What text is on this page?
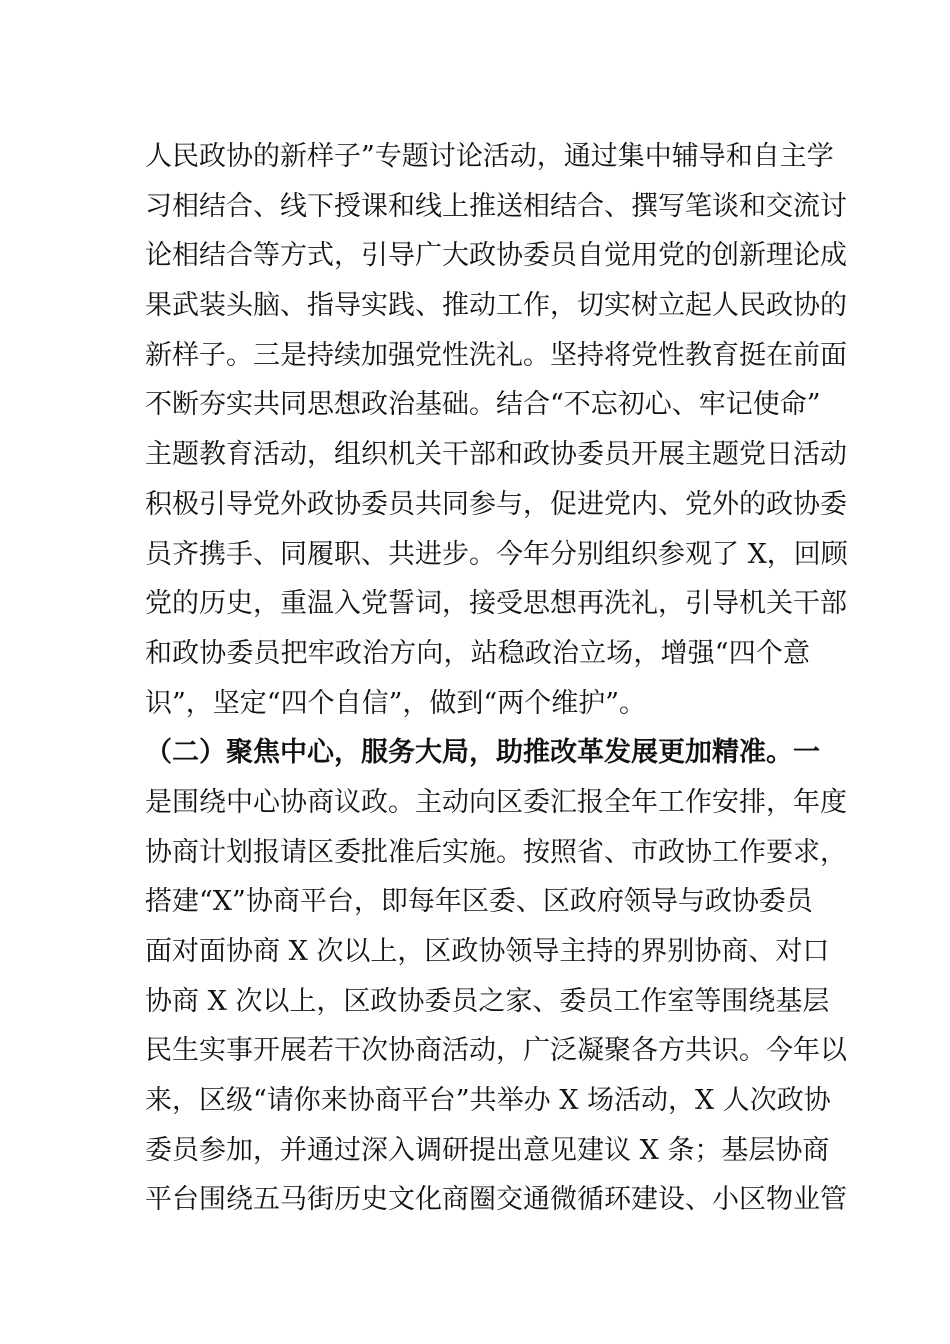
人民政协的新样子”专题讨论活动，通过集中辅导和自主学
习相结合、线下授课和线上推送相结合、撰写笔谈和交流讨
论相结合等方式，引导广大政协委员自觉用党的创新理论成
果武装头脑、指导实践、推动工作，切实树立起人民政协的
新样子。三是持续加强党性洗礼。坚持将党性教育挺在前面
不断夯实共同思想政治基础。结合“不忘初心、牢记使命”
主题教育活动，组织机关干部和政协委员开展主题党日活动
积极引导党外政协委员共同参与，促进党内、党外的政协委
员齐携手、同履职、共进步。今年分别组织参观了 X，回顾
党的历史，重温入党誓词，接受思想再洗礼，引导机关干部
和政协委员把牢政治方向，站稳政治立场，增强“四个意
识”，坚定“四个自信”，做到“两个维护”。
（二）聚焦中心，服务大局，助推改革发展更加精准。一
是围绕中心协商议政。主动向区委汇报全年工作安排，年度
协商计划报请区委批准后实施。按照省、市政协工作要求，
搭建“X”协商平台，即每年区委、区政府领导与政协委员
面对面协商 X 次以上，区政协领导主持的界别协商、对口
协商 X 次以上，区政协委员之家、委员工作室等围绕基层
民生实事开展若干次协商活动，广泛凝聚各方共识。今年以
来，区级“请你来协商平台”共举办 X 场活动，X 人次政协
委员参加，并通过深入调研提出意见建议 X 条；基层协商
平台围绕五马街历史文化商圈交通微循环建设、小区物业管
